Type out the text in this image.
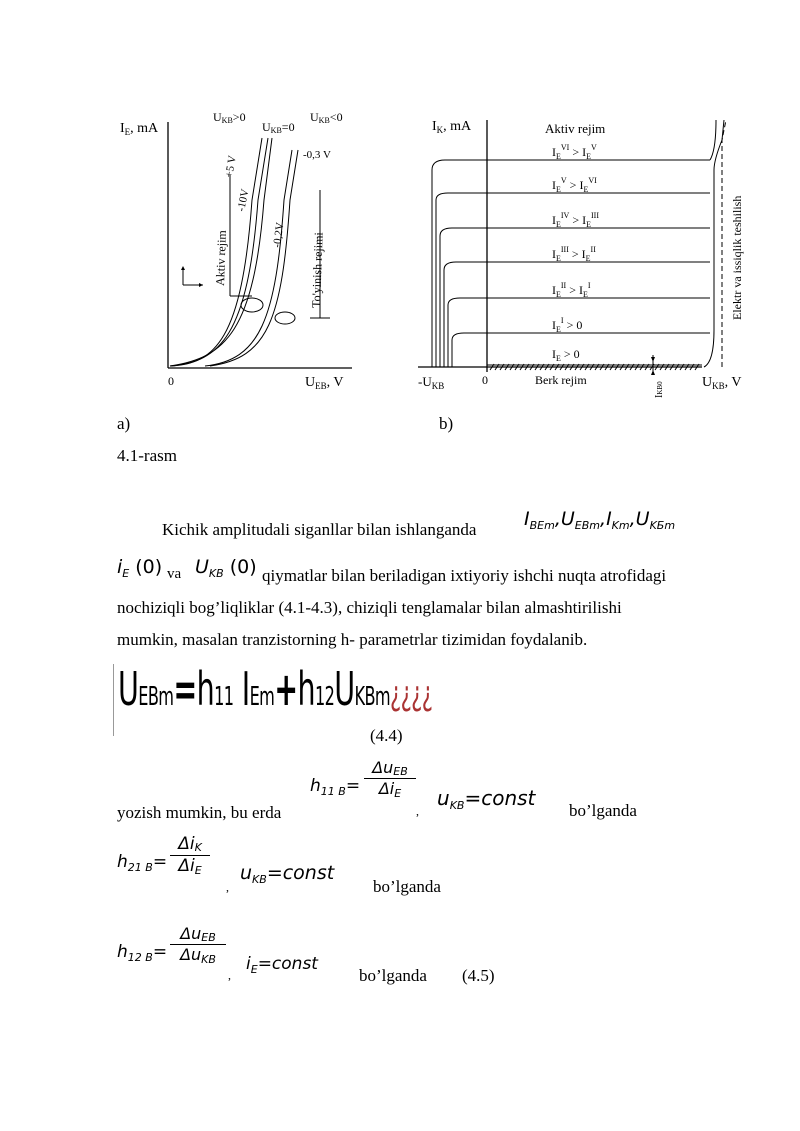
$I_E$, mA
0	$U_{EB}$, V
UKB>0
UKB=0
UKB<0
+5 V
-10V
-0,2V
-0,3 V
Aktiv rejim	To'yinish rejimi
$I_K$, mA	Aktiv rejim
Berk rejim
0
$-U_{KB}$	$U_{KB}$, V
Elektr va issiqlik teshilish
IKB0
$I_E^{VI} > I_E^V$
$I_E^V > I_E^{VI}$
$I_E^{IV} > I_E^{III}$
$I_E^{III} > I_E^{II}$
$I_E^{II} > I_E^I$
$I_E^I > 0$
$I_E > 0$
a)	b)
4.1-rasm
Kichik amplitudali siganllar bilan ishlanganda	$I_{BEm},U_{EBm},I_{Km},U_{KБm}$
$i_E$ (0) va $U_{KB}$ (0) qiymatlar bilan beriladigan ixtiyoriy ishchi nuqta atrofidagi
nochiziqli bog’liqliklar (4.1-4.3), chiziqli tenglamalar bilan almashtirilishi
mumkin, masalan tranzistorning h- parametrlar tizimidan foydalanib.
UEBm=h11 IEm+h12UKBm¿¿¿¿
(4.4)
yozish mumkin, bu erda
$h_{11 B}=$
ΔuEB
ΔiE
,
$u_{KB}=const$
bo’lganda
$h_{21 B}=$
ΔiK
ΔiE
,
$u_{KB}=const$
bo’lganda
$h_{12 B}=$
ΔuEB
ΔuKB
,
$i_E=const$
bo’lganda (4.5)
